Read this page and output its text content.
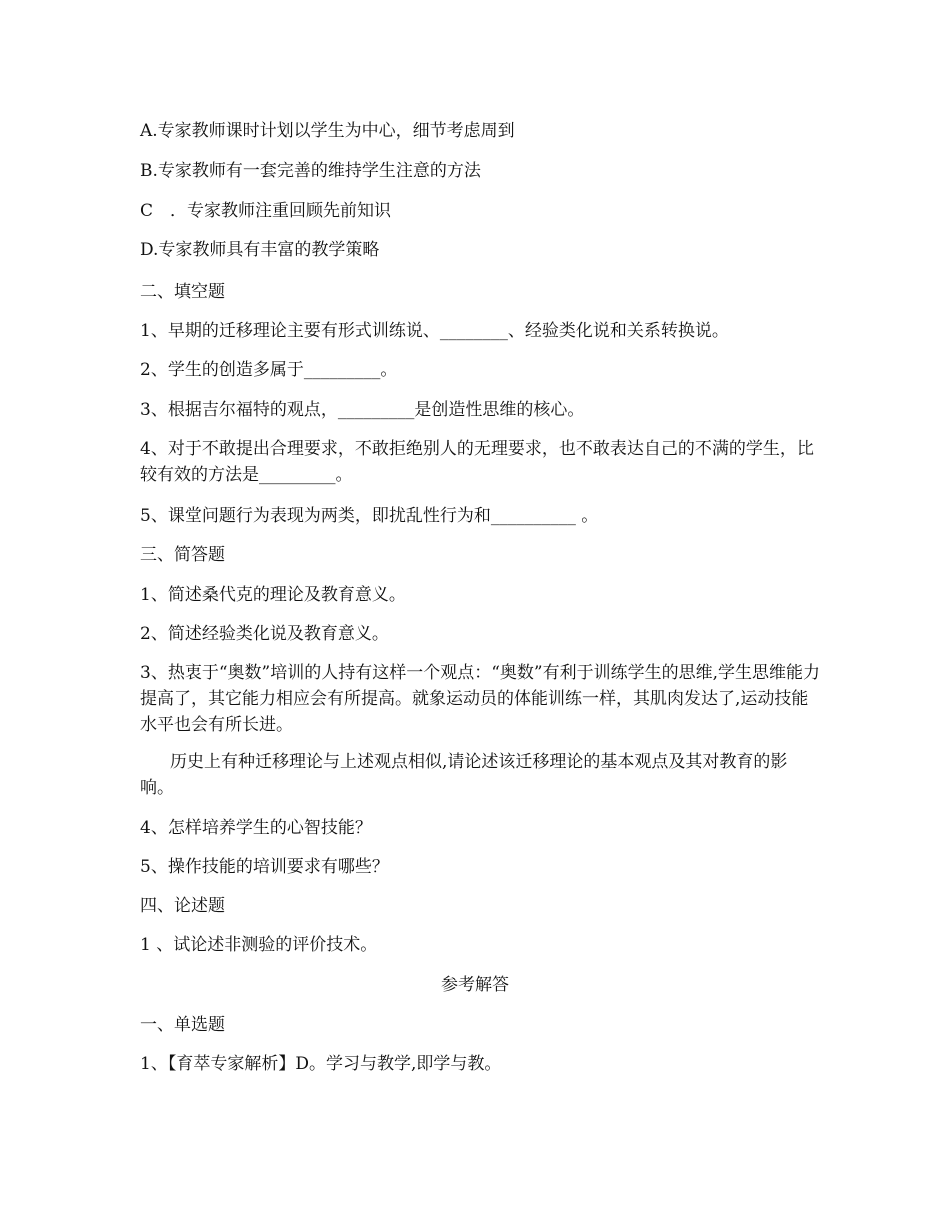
A.专家教师课时计划以学生为中心，细节考虑周到
B.专家教师有一套完善的维持学生注意的方法
C　．专家教师注重回顾先前知识
D.专家教师具有丰富的教学策略
二、填空题
1、早期的迁移理论主要有形式训练说、________、经验类化说和关系转换说。
2、学生的创造多属于_________。
3、根据吉尔福特的观点，_________是创造性思维的核心。
4、对于不敢提出合理要求，不敢拒绝别人的无理要求，也不敢表达自己的不满的学生，比较有效的方法是_________。
5、课堂问题行为表现为两类，即扰乱性行为和__________ 。
三、简答题
1、简述桑代克的理论及教育意义。
2、简述经验类化说及教育意义。
3、热衷于“奥数”培训的人持有这样一个观点：“奥数”有利于训练学生的思维,学生思维能力提高了，其它能力相应会有所提高。就象运动员的体能训练一样，其肌肉发达了,运动技能水平也会有所长进。
历史上有种迁移理论与上述观点相似,请论述该迁移理论的基本观点及其对教育的影响。
4、怎样培养学生的心智技能？
5、操作技能的培训要求有哪些？
四、论述题
1 、试论述非测验的评价技术。
参考解答
一、单选题
1、【育萃专家解析】D。学习与教学,即学与教。
